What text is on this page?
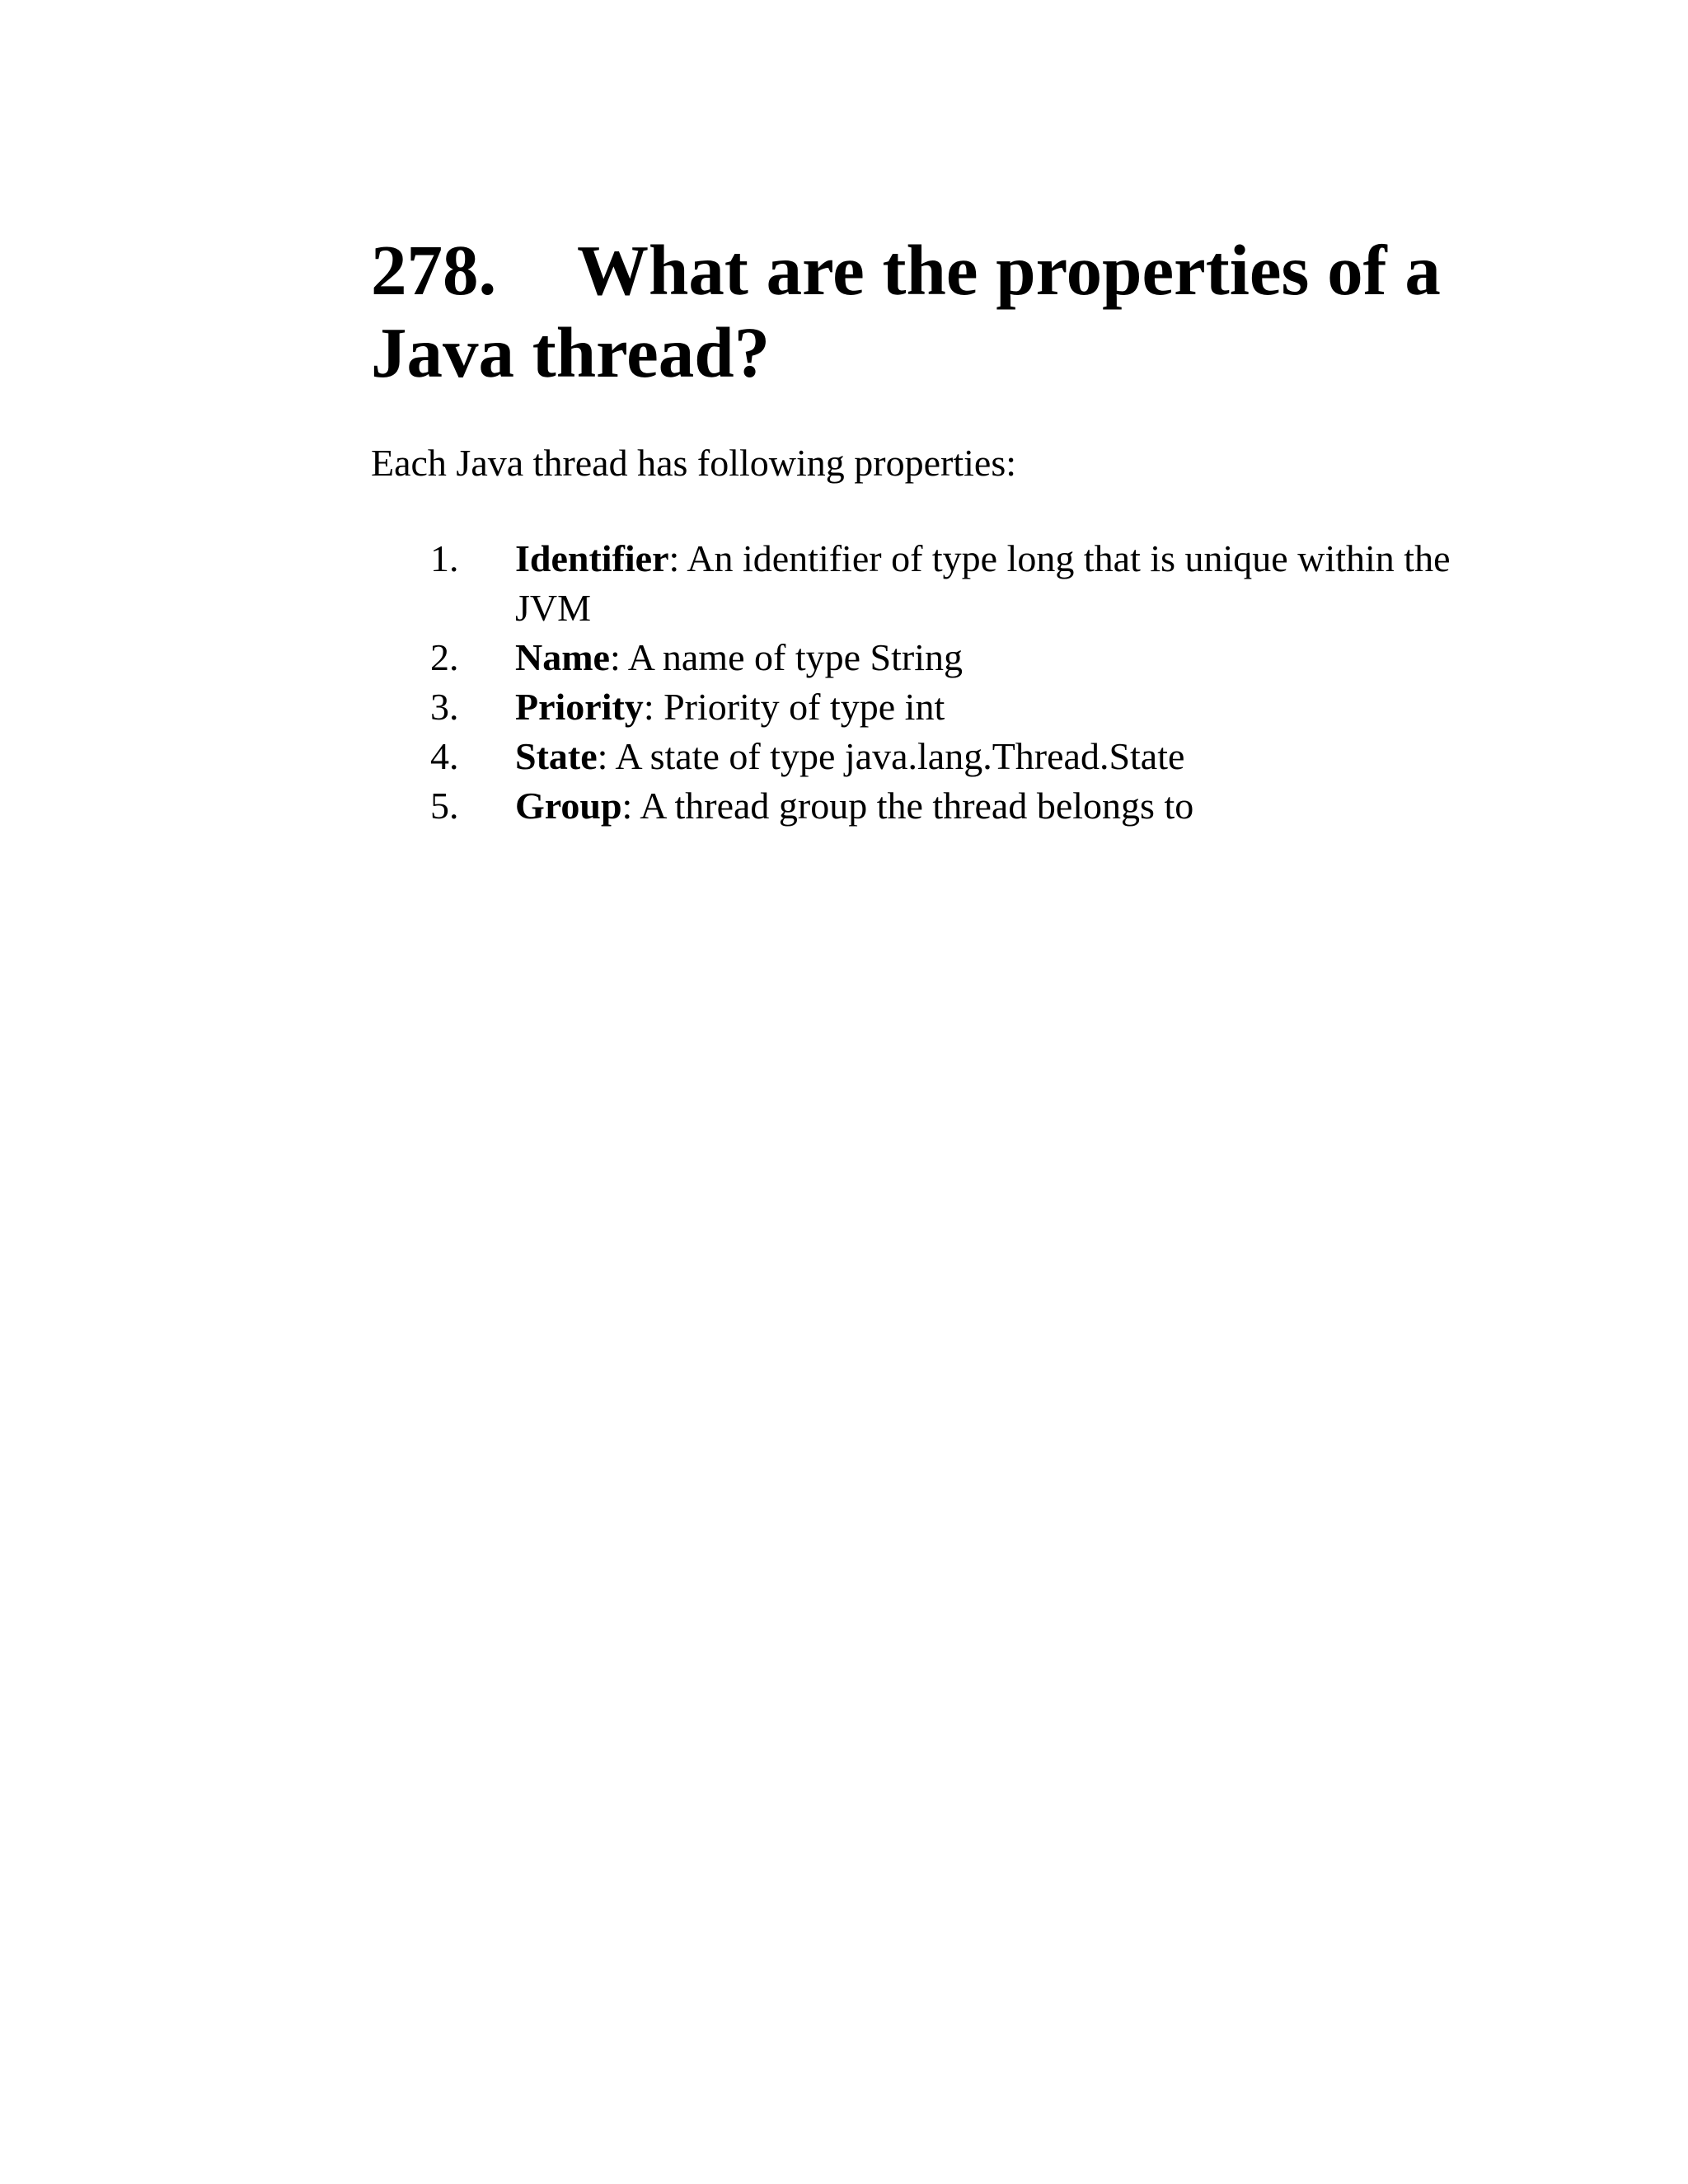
278. What are the properties of a Java thread?

Each Java thread has following properties:

1. Identifier: An identifier of type long that is unique within the JVM
2. Name: A name of type String
3. Priority: Priority of type int
4. State: A state of type java.lang.Thread.State
5. Group: A thread group the thread belongs to
